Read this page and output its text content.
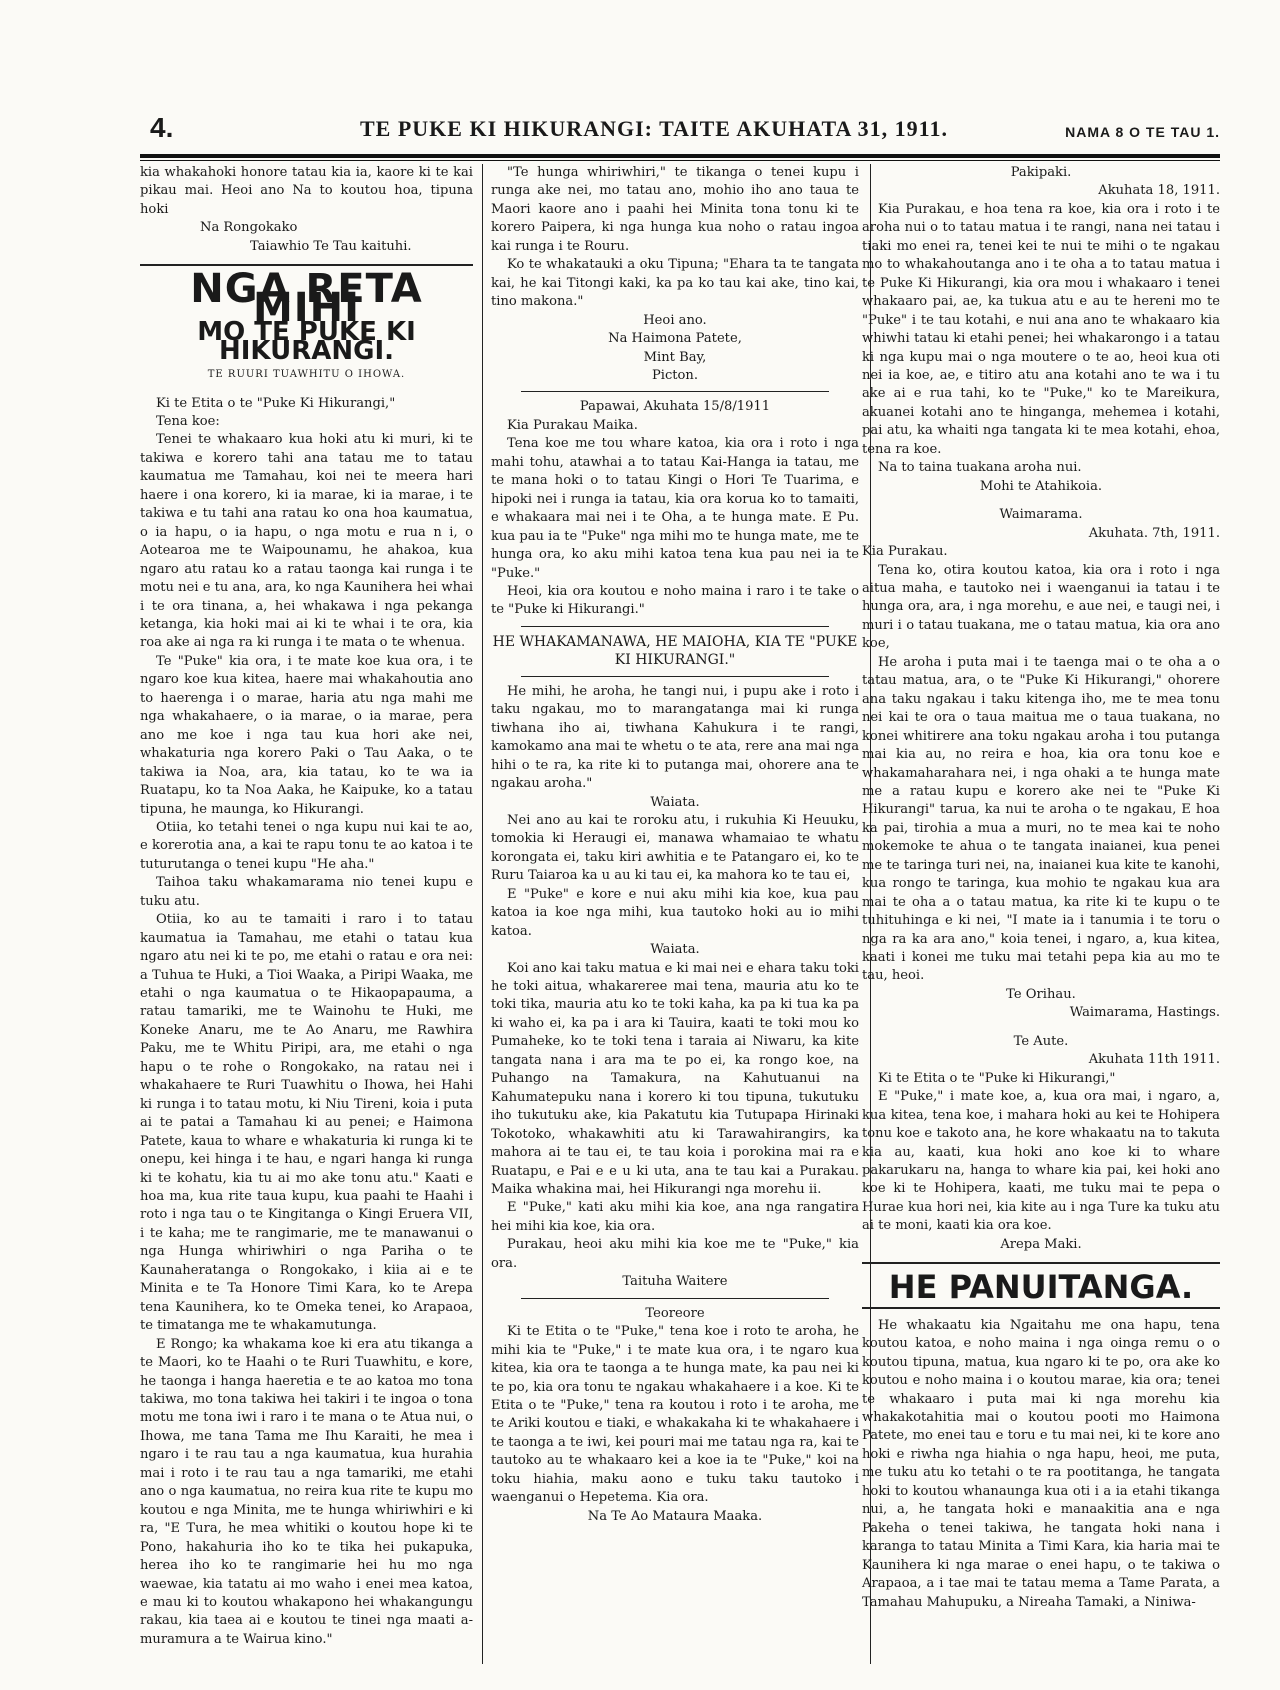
4.	TE PUKE KI HIKURANGI: TAITE AKUHATA 31, 1911.	NAMA 8 O TE TAU 1.

kia whakahoki honore tatau kia ia, kaore ki te kai pikau mai. Heoi ano Na to koutou hoa, tipuna hoki

Na Rongokako

Taiawhio Te Tau kaituhi.

NGA RETA MIHI
MO TE PUKE KI HIKURANGI.
TE RUURI TUAWHITU O IHOWA.

Ki te Etita o te "Puke Ki Hikurangi,"

Tena koe:

Tenei te whakaaro kua hoki atu ki muri, ki te takiwa e korero tahi ana tatau me to tatau kaumatua me Tamahau, koi nei te meera hari haere i ona korero, ki ia marae, ki ia marae, i te takiwa e tu tahi ana ratau ko ona hoa kaumatua, o ia hapu, o ia hapu, o nga motu e rua n i, o Aotearoa me te Waipounamu, he ahakoa, kua ngaro atu ratau ko a ratau taonga kai runga i te motu nei e tu ana, ara, ko nga Kaunihera hei whai i te ora tinana, a, hei whakawa i nga pekanga ketanga, kia hoki mai ai ki te whai i te ora, kia roa ake ai nga ra ki runga i te mata o te whenua.

Te "Puke" kia ora, i te mate koe kua ora, i te ngaro koe kua kitea, haere mai whakahoutia ano to haerenga i o marae, haria atu nga mahi me nga whakahaere, o ia marae, o ia marae, pera ano me koe i nga tau kua hori ake nei, whakaturia nga korero Paki o Tau Aaka, o te takiwa ia Noa, ara, kia tatau, ko te wa ia Ruatapu, ko ta Noa Aaka, he Kaipuke, ko a tatau tipuna, he maunga, ko Hikurangi.

Otiia, ko tetahi tenei o nga kupu nui kai te ao, e korerotia ana, a kai te rapu tonu te ao katoa i te tuturutanga o tenei kupu "He aha."

Taihoa taku whakamarama nio tenei kupu e tuku atu.

Otiia, ko au te tamaiti i raro i to tatau kaumatua ia Tamahau, me etahi o tatau kua ngaro atu nei ki te po, me etahi o ratau e ora nei: a Tuhua te Huki, a Tioi Waaka, a Piripi Waaka, me etahi o nga kaumatua o te Hikaopapauma, a ratau tamariki, me te Wainohu te Huki, me Koneke Anaru, me te Ao Anaru, me Rawhira Paku, me te Whitu Piripi, ara, me etahi o nga hapu o te rohe o Rongokako, na ratau nei i whakahaere te Ruri Tuawhitu o Ihowa, hei Hahi ki runga i to tatau motu, ki Niu Tireni, koia i puta ai te patai a Tamahau ki au penei; e Haimona Patete, kaua to whare e whakaturia ki runga ki te onepu, kei hinga i te hau, e ngari hanga ki runga ki te kohatu, kia tu ai mo ake tonu atu." Kaati e hoa ma, kua rite taua kupu, kua paahi te Haahi i roto i nga tau o te Kingitanga o Kingi Eruera VII, i te kaha; me te rangimarie, me te manawanui o nga Hunga whiriwhiri o nga Pariha o te Kaunaheratanga o Rongokako, i kiia ai e te Minita e te Ta Honore Timi Kara, ko te Arepa tena Kaunihera, ko te Omeka tenei, ko Arapaoa, te timatanga me te whakamutunga.

E Rongo; ka whakama koe ki era atu tikanga a te Maori, ko te Haahi o te Ruri Tuawhitu, e kore, he taonga i hanga haeretia e te ao katoa mo tona takiwa, mo tona takiwa hei takiri i te ingoa o tona motu me tona iwi i raro i te mana o te Atua nui, o Ihowa, me tana Tama me Ihu Karaiti, he mea i ngaro i te rau tau a nga kaumatua, kua hurahia mai i roto i te rau tau a nga tamariki, me etahi ano o nga kaumatua, no reira kua rite te kupu mo koutou e nga Minita, me te hunga whiriwhiri e ki ra, "E Tura, he mea whitiki o koutou hope ki te Pono, hakahuria iho ko te tika hei pukapuka, herea iho ko te rangimarie hei hu mo nga waewae, kia tatatu ai mo waho i enei mea katoa, e mau ki to koutou whakapono hei whakangungu rakau, kia taea ai e koutou te tinei nga maati a-muramura a te Wairua kino."

"Te hunga whiriwhiri," te tikanga o tenei kupu i runga ake nei, mo tatau ano, mohio iho ano taua te Maori kaore ano i paahi hei Minita tona tonu ki te korero Paipera, ki nga hunga kua noho o ratau ingoa kai runga i te Rouru.

Ko te whakatauki a oku Tipuna; "Ehara ta te tangata kai, he kai Titongi kaki, ka pa ko tau kai ake, tino kai, tino makona."

Heoi ano.

Na Haimona Patete,

Mint Bay,

Picton.

Papawai, Akuhata 15/8/1911

Kia Purakau Maika.

Tena koe me tou whare katoa, kia ora i roto i nga mahi tohu, atawhai a to tatau Kai-Hanga ia tatau, me te mana hoki o to tatau Kingi o Hori Te Tuarima, e hipoki nei i runga ia tatau, kia ora korua ko to tamaiti, e whakaara mai nei i te Oha, a te hunga mate. E Pu. kua pau ia te "Puke" nga mihi mo te hunga mate, me te hunga ora, ko aku mihi katoa tena kua pau nei ia te "Puke."

Heoi, kia ora koutou e noho maina i raro i te take o te "Puke ki Hikurangi."

HE WHAKAMANAWA, HE MAIOHA, KIA TE "PUKE KI HIKURANGI."

He mihi, he aroha, he tangi nui, i pupu ake i roto i taku ngakau, mo to marangatanga mai ki runga tiwhana iho ai, tiwhana Kahukura i te rangi, kamokamo ana mai te whetu o te ata, rere ana mai nga hihi o te ra, ka rite ki to putanga mai, ohorere ana te ngakau aroha."

Waiata.

Nei ano au kai te roroku atu, i rukuhia Ki Heuuku, tomokia ki Heraugi ei, manawa whamaiao te whatu korongata ei, taku kiri awhitia e te Patangaro ei, ko te Ruru Taiaroa ka u au ki tau ei, ka mahora ko te tau ei,

E "Puke" e kore e nui aku mihi kia koe, kua pau katoa ia koe nga mihi, kua tautoko hoki au io mihi katoa.

Waiata.

Koi ano kai taku matua e ki mai nei e ehara taku toki he toki aitua, whakareree mai tena, mauria atu ko te toki tika, mauria atu ko te toki kaha, ka pa ki tua ka pa ki waho ei, ka pa i ara ki Tauira, kaati te toki mou ko Pumaheke, ko te toki tena i taraia ai Niwaru, ka kite tangata nana i ara ma te po ei, ka rongo koe, na Puhango na Tamakura, na Kahutuanui na Kahumatepuku nana i korero ki tou tipuna, tukutuku iho tukutuku ake, kia Pakatutu kia Tutupapa Hirinaki Tokotoko, whakawhiti atu ki Tarawahirangirs, ka mahora ai te tau ei, te tau koia i porokina mai ra e Ruatapu, e Pai e e u ki uta, ana te tau kai a Purakau. Maika whakina mai, hei Hikurangi nga morehu ii.

E "Puke," kati aku mihi kia koe, ana nga rangatira hei mihi kia koe, kia ora.

Purakau, heoi aku mihi kia koe me te "Puke," kia ora.

Taituha Waitere

Teoreore

Ki te Etita o te "Puke," tena koe i roto te aroha, he mihi kia te "Puke," i te mate kua ora, i te ngaro kua kitea, kia ora te taonga a te hunga mate, ka pau nei ki te po, kia ora tonu te ngakau whakahaere i a koe. Ki te Etita o te "Puke," tena ra koutou i roto i te aroha, me te Ariki koutou e tiaki, e whakakaha ki te whakahaere i te taonga a te iwi, kei pouri mai me tatau nga ra, kai te tautoko au te whakaaro kei a koe ia te "Puke," koi na toku hiahia, maku aono e tuku taku tautoko i waenganui o Hepetema. Kia ora.

Na Te Ao Mataura Maaka.

Pakipaki.

Akuhata 18, 1911.

Kia Purakau, e hoa tena ra koe, kia ora i roto i te aroha nui o to tatau matua i te rangi, nana nei tatau i tiaki mo enei ra, tenei kei te nui te mihi o te ngakau mo to whakahoutanga ano i te oha a to tatau matua i te Puke Ki Hikurangi, kia ora mou i whakaaro i tenei whakaaro pai, ae, ka tukua atu e au te hereni mo te "Puke" i te tau kotahi, e nui ana ano te whakaaro kia whiwhi tatau ki etahi penei; hei whakarongo i a tatau ki nga kupu mai o nga moutere o te ao, heoi kua oti nei ia koe, ae, e titiro atu ana kotahi ano te wa i tu ake ai e rua tahi, ko te "Puke," ko te Mareikura, akuanei kotahi ano te hinganga, mehemea i kotahi, pai atu, ka whaiti nga tangata ki te mea kotahi, ehoa, tena ra koe.

Na to taina tuakana aroha nui.

Mohi te Atahikoia.

Waimarama.

Akuhata. 7th, 1911.

Kia Purakau.

Tena ko, otira koutou katoa, kia ora i roto i nga aitua maha, e tautoko nei i waenganui ia tatau i te hunga ora, ara, i nga morehu, e aue nei, e taugi nei, i muri i o tatau tuakana, me o tatau matua, kia ora ano koe,

He aroha i puta mai i te taenga mai o te oha a o tatau matua, ara, o te "Puke Ki Hikurangi," ohorere ana taku ngakau i taku kitenga iho, me te mea tonu nei kai te ora o taua maitua me o taua tuakana, no konei whitirere ana toku ngakau aroha i tou putanga mai kia au, no reira e hoa, kia ora tonu koe e whakamaharahara nei, i nga ohaki a te hunga mate me a ratau kupu e korero ake nei te "Puke Ki Hikurangi" tarua, ka nui te aroha o te ngakau, E hoa ka pai, tirohia a mua a muri, no te mea kai te noho mokemoke te ahua o te tangata inaianei, kua penei me te taringa turi nei, na, inaianei kua kite te kanohi, kua rongo te taringa, kua mohio te ngakau kua ara mai te oha a o tatau matua, ka rite ki te kupu o te tuhituhinga e ki nei, "I mate ia i tanumia i te toru o nga ra ka ara ano," koia tenei, i ngaro, a, kua kitea, kaati i konei me tuku mai tetahi pepa kia au mo te tau, heoi.

Te Orihau.

Waimarama, Hastings.

Te Aute.

Akuhata 11th 1911.

Ki te Etita o te "Puke ki Hikurangi,"

E "Puke," i mate koe, a, kua ora mai, i ngaro, a, kua kitea, tena koe, i mahara hoki au kei te Hohipera tonu koe e takoto ana, he kore whakaatu na to takuta kia au, kaati, kua hoki ano koe ki to whare pakarukaru na, hanga to whare kia pai, kei hoki ano koe ki te Hohipera, kaati, me tuku mai te pepa o Hurae kua hori nei, kia kite au i nga Ture ka tuku atu ai te moni, kaati kia ora koe.

Arepa Maki.

HE PANUITANGA.

He whakaatu kia Ngaitahu me ona hapu, tena koutou katoa, e noho maina i nga oinga remu o o koutou tipuna, matua, kua ngaro ki te po, ora ake ko koutou e noho maina i o koutou marae, kia ora; tenei te whakaaro i puta mai ki nga morehu kia whakakotahitia mai o koutou pooti mo Haimona Patete, mo enei tau e toru e tu mai nei, ki te kore ano hoki e riwha nga hiahia o nga hapu, heoi, me puta, me tuku atu ko tetahi o te ra pootitanga, he tangata hoki to koutou whanaunga kua oti i a ia etahi tikanga nui, a, he tangata hoki e manaakitia ana e nga Pakeha o tenei takiwa, he tangata hoki nana i karanga to tatau Minita a Timi Kara, kia haria mai te Kaunihera ki nga marae o enei hapu, o te takiwa o Arapaoa, a i tae mai te tatau mema a Tame Parata, a Tamahau Mahupuku, a Nireaha Tamaki, a Niniwa-
